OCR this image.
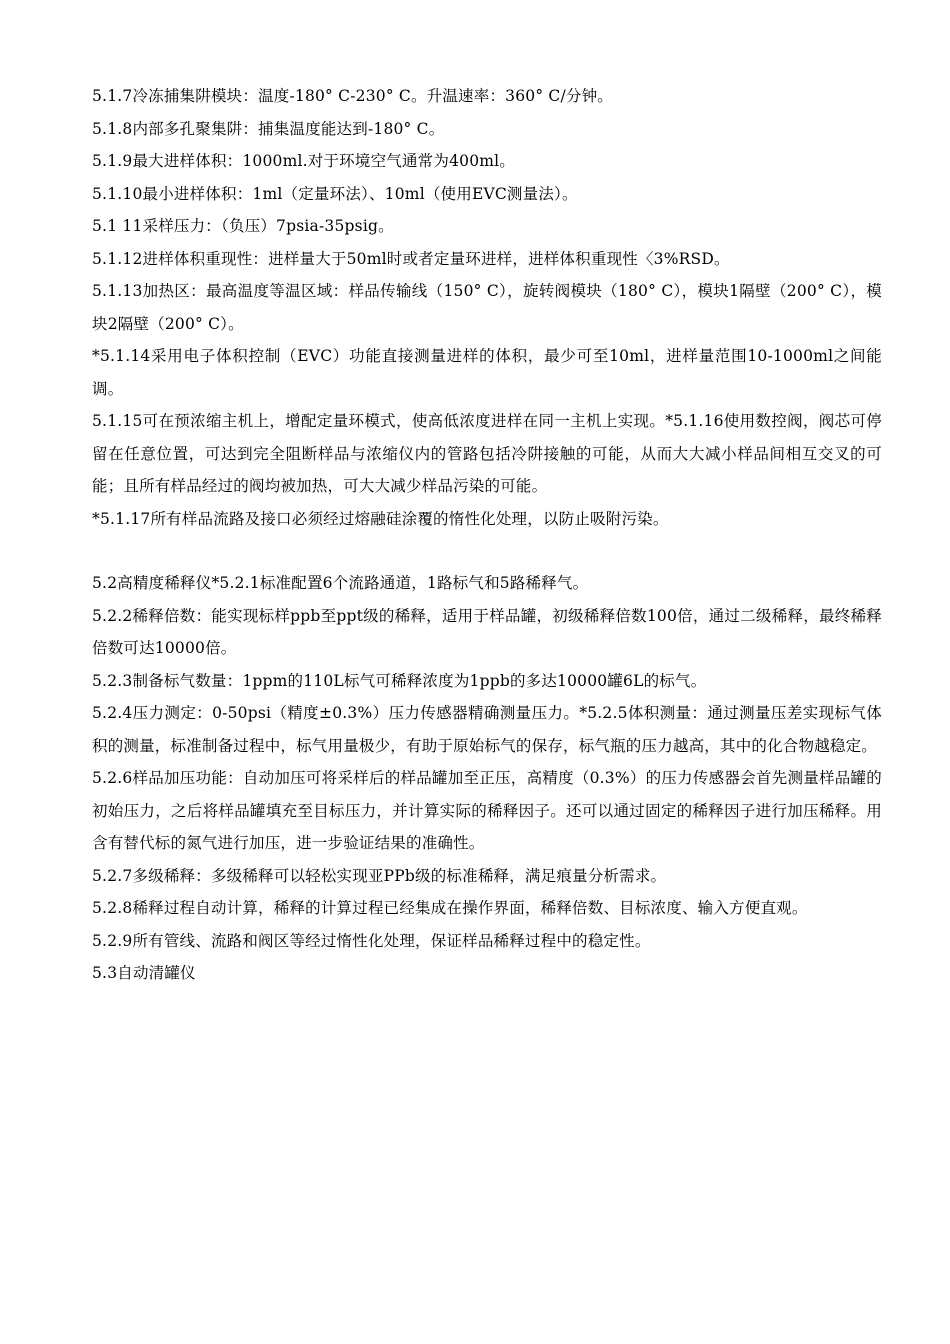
5.1.7冷冻捕集阱模块：温度-180° C-230° C。升温速率：360° C/分钟。

5.1.8内部多孔聚集阱：捕集温度能达到-180° C。

5.1.9最大进样体积：1000ml.对于环境空气通常为400ml。

5.1.10最小进样体积：1ml（定量环法）、10ml（使用EVC测量法）。

5.1 11采样压力：（负压）7psia-35psig。

5.1.12进样体积重现性：进样量大于50ml时或者定量环进样，进样体积重现性〈3%RSD。

5.1.13加热区：最高温度等温区域：样品传输线（150° C），旋转阀模块（180° C），模块1隔壁（200° C），模块2隔壁（200° C）。

*5.1.14采用电子体积控制（EVC）功能直接测量进样的体积，最少可至10ml，进样量范围10-1000ml之间能调。

5.1.15可在预浓缩主机上，增配定量环模式，使高低浓度进样在同一主机上实现。*5.1.16使用数控阀，阀芯可停留在任意位置，可达到完全阻断样品与浓缩仪内的管路包括冷阱接触的可能，从而大大减小样品间相互交叉的可能；且所有样品经过的阀均被加热，可大大减少样品污染的可能。

*5.1.17所有样品流路及接口必须经过熔融硅涂覆的惰性化处理，以防止吸附污染。

5.2高精度稀释仪*5.2.1标准配置6个流路通道，1路标气和5路稀释气。

5.2.2稀释倍数：能实现标样ppb至ppt级的稀释，适用于样品罐，初级稀释倍数100倍，通过二级稀释，最终稀释倍数可达10000倍。

5.2.3制备标气数量：1ppm的110L标气可稀释浓度为1ppb的多达10000罐6L的标气。

5.2.4压力测定：0-50psi（精度±0.3%）压力传感器精确测量压力。*5.2.5体积测量：通过测量压差实现标气体积的测量，标准制备过程中，标气用量极少，有助于原始标气的保存，标气瓶的压力越高，其中的化合物越稳定。

5.2.6样品加压功能：自动加压可将采样后的样品罐加至正压，高精度（0.3%）的压力传感器会首先测量样品罐的初始压力，之后将样品罐填充至目标压力，并计算实际的稀释因子。还可以通过固定的稀释因子进行加压稀释。用含有替代标的氮气进行加压，进一步验证结果的准确性。

5.2.7多级稀释：多级稀释可以轻松实现亚PPb级的标准稀释，满足痕量分析需求。

5.2.8稀释过程自动计算，稀释的计算过程已经集成在操作界面，稀释倍数、目标浓度、输入方便直观。

5.2.9所有管线、流路和阀区等经过惰性化处理，保证样品稀释过程中的稳定性。

5.3自动清罐仪
